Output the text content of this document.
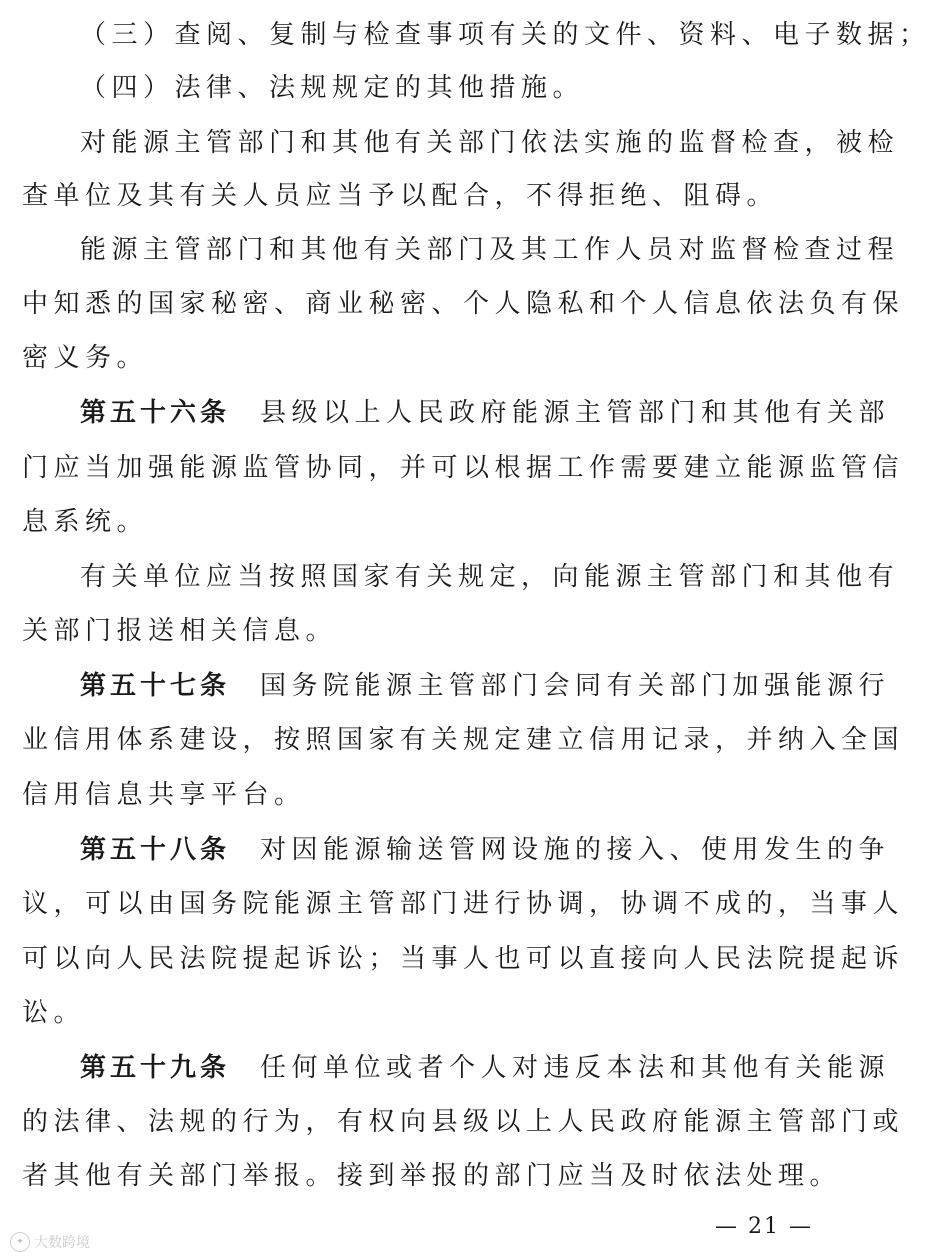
（三）查阅、复制与检查事项有关的文件、资料、电子数据；
（四）法律、法规规定的其他措施。
对能源主管部门和其他有关部门依法实施的监督检查，被检
查单位及其有关人员应当予以配合，不得拒绝、阻碍。
能源主管部门和其他有关部门及其工作人员对监督检查过程
中知悉的国家秘密、商业秘密、个人隐私和个人信息依法负有保
密义务。
第五十六条 县级以上人民政府能源主管部门和其他有关部
门应当加强能源监管协同，并可以根据工作需要建立能源监管信
息系统。
有关单位应当按照国家有关规定，向能源主管部门和其他有
关部门报送相关信息。
第五十七条 国务院能源主管部门会同有关部门加强能源行
业信用体系建设，按照国家有关规定建立信用记录，并纳入全国
信用信息共享平台。
第五十八条 对因能源输送管网设施的接入、使用发生的争
议，可以由国务院能源主管部门进行协调，协调不成的，当事人
可以向人民法院提起诉讼；当事人也可以直接向人民法院提起诉
讼。
第五十九条 任何单位或者个人对违反本法和其他有关能源
的法律、法规的行为，有权向县级以上人民政府能源主管部门或
者其他有关部门举报。接到举报的部门应当及时依法处理。
— 21 —
✦ 大数跨境
